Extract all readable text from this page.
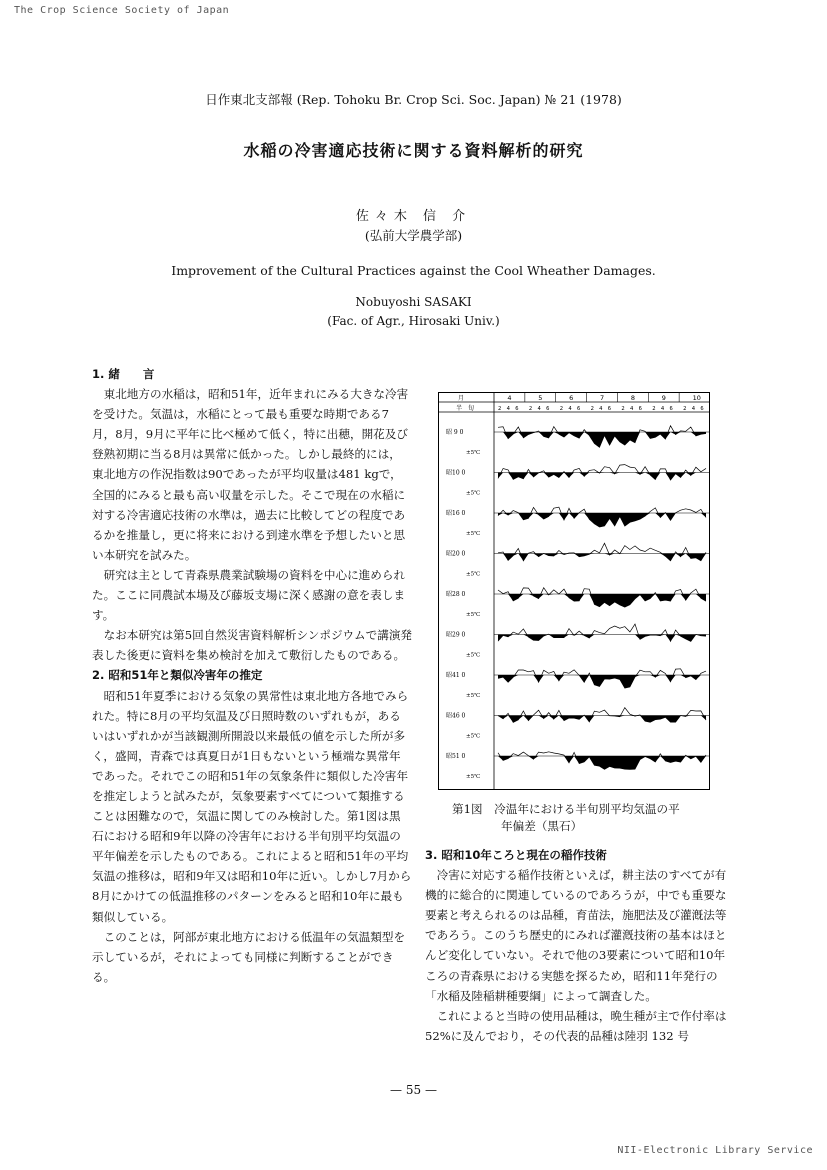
The Crop Science Society of Japan
日作東北支部報 (Rep. Tohoku Br. Crop Sci. Soc. Japan) № 21 (1978)
水稲の冷害適応技術に関する資料解析的研究
佐々木 信 介
(弘前大学農学部)
Improvement of the Cultural Practices against the Cool Wheather Damages.
Nobuyoshi SASAKI
(Fac. of Agr., Hirosaki Univ.)
1. 緒　　言

東北地方の水稲は，昭和51年，近年まれにみる大きな冷害を受けた。気温は，水稲にとって最も重要な時期である7月，8月，9月に平年に比べ極めて低く，特に出穂，開花及び登熟初期に当る8月は異常に低かった。しかし最終的には，東北地方の作況指数は90であったが平均収量は481 kgで，全国的にみると最も高い収量を示した。そこで現在の水稲に対する冷害適応技術の水準は，過去に比較してどの程度であるかを推量し，更に将来における到達水準を予想したいと思い本研究を試みた。

研究は主として青森県農業試験場の資料を中心に進められた。ここに同農試本場及び藤坂支場に深く感謝の意を表します。

なお本研究は第5回自然災害資料解析シンポジウムで講演発表した後更に資料を集め検討を加えて敷衍したものである。

2. 昭和51年と類似冷害年の推定

昭和51年夏季における気象の異常性は東北地方各地でみられた。特に8月の平均気温及び日照時数のいずれもが，あるいはいずれかが当該観測所開設以来最低の値を示した所が多く，盛岡，青森では真夏日が1日もないという極端な異常年であった。それでこの昭和51年の気象条件に類似した冷害年を推定しようと試みたが，気象要素すべてについて類推することは困難なので，気温に関してのみ検討した。第1図は黒石における昭和9年以降の冷害年における半旬別平均気温の平年偏差を示したものである。これによると昭和51年の平均気温の推移は，昭和9年又は昭和10年に近い。しかし7月から8月にかけての低温推移のパターンをみると昭和10年に最も類似している。

このことは，阿部が東北地方における低温年の気温類型を示しているが，それによっても同様に判断することができる。

月
半　旬
4
2 4 6
5
2 4 6
6
2 4 6
7
2 4 6
8
2 4 6
9
2 4 6
10
2 4 6
昭 9 0
±5℃
昭10 0
±5℃
昭16 0
±5℃
昭20 0
±5℃
昭28 0
±5℃
昭29 0
±5℃
昭41 0
±5℃
昭46 0
±5℃
昭51 0
±5℃
第1図　冷温年における半旬別平均気温の平
年偏差（黒石）
3. 昭和10年ころと現在の稲作技術

冷害に対応する稲作技術といえば，耕主法のすべてが有機的に総合的に関連しているのであろうが，中でも重要な要素と考えられるのは品種，育苗法，施肥法及び灌漑法等であろう。このうち歴史的にみれば灌漑技術の基本はほとんど変化していない。それで他の3要素について昭和10年ころの青森県における実態を探るため，昭和11年発行の「水稲及陸稲耕種要綱」によって調査した。

これによると当時の使用品種は，晩生種が主で作付率は52%に及んでおり，その代表的品種は陸羽 132 号

— 55 —
NII-Electronic Library Service
